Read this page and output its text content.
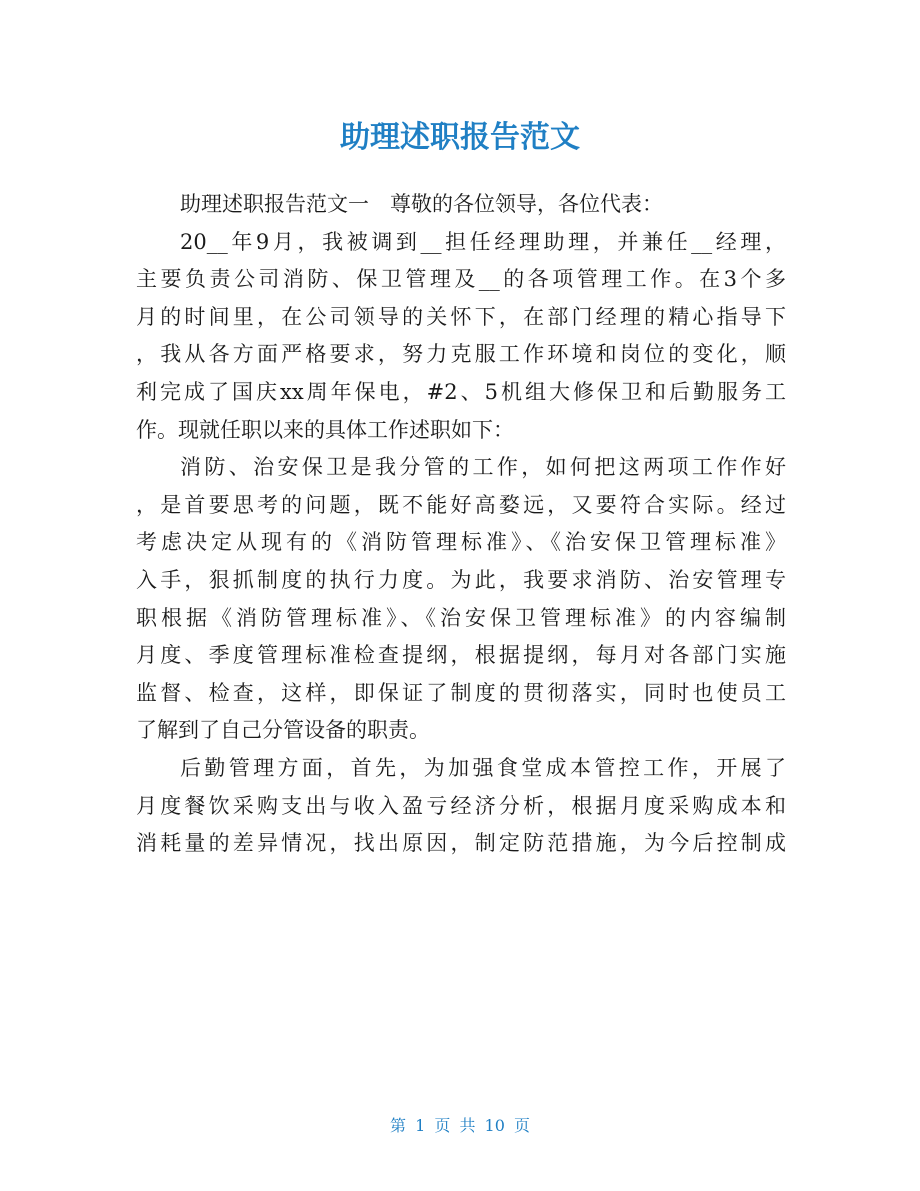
助理述职报告范文
助理述职报告范文一　尊敬的各位领导，各位代表：
20__年9月，我被调到__担任经理助理，并兼任__经理，
主要负责公司消防、保卫管理及__的各项管理工作。在3个多
月的时间里，在公司领导的关怀下，在部门经理的精心指导下
，我从各方面严格要求，努力克服工作环境和岗位的变化，顺
利完成了国庆xx周年保电，#2、5机组大修保卫和后勤服务工
作。现就任职以来的具体工作述职如下：
消防、治安保卫是我分管的工作，如何把这两项工作作好
，是首要思考的问题，既不能好高婺远，又要符合实际。经过
考虑决定从现有的《消防管理标准》、《治安保卫管理标准》
入手，狠抓制度的执行力度。为此，我要求消防、治安管理专
职根据《消防管理标准》、《治安保卫管理标准》的内容编制
月度、季度管理标准检查提纲，根据提纲，每月对各部门实施
监督、检查，这样，即保证了制度的贯彻落实，同时也使员工
了解到了自己分管设备的职责。
后勤管理方面，首先，为加强食堂成本管控工作，开展了
月度餐饮采购支出与收入盈亏经济分析，根据月度采购成本和
消耗量的差异情况，找出原因，制定防范措施，为今后控制成
第 1 页 共 10 页
